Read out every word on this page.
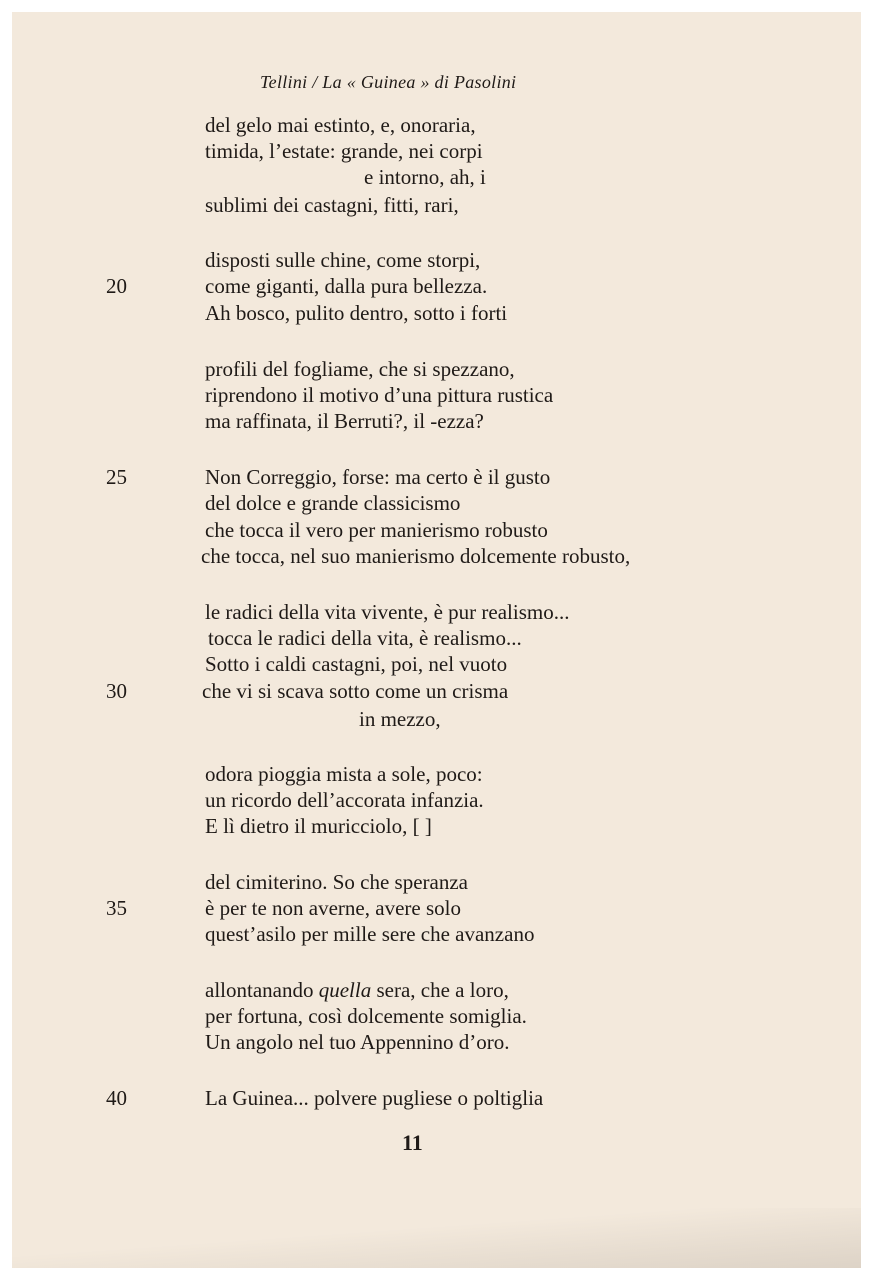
Tellini / La « Guinea » di Pasolini
del gelo mai estinto, e, onoraria,
timida, l’estate: grande, nei corpi
e intorno, ah, i
sublimi dei castagni, fitti, rari,
disposti sulle chine, come storpi,
20	come giganti, dalla pura bellezza.
Ah bosco, pulito dentro, sotto i forti
profili del fogliame, che si spezzano,
riprendono il motivo d’una pittura rustica
ma raffinata, il Berruti?, il -ezza?
25	Non Correggio, forse: ma certo è il gusto
del dolce e grande classicismo
che tocca il vero per manierismo robusto
che tocca, nel suo manierismo dolcemente robusto,
le radici della vita vivente, è pur realismo...
tocca le radici della vita, è realismo...
Sotto i caldi castagni, poi, nel vuoto
30	che vi si scava sotto come un crisma
in mezzo,
odora pioggia mista a sole, poco:
un ricordo dell’accorata infanzia.
E lì dietro il muricciolo, [ ]
del cimiterino. So che speranza
35	è per te non averne, avere solo
quest’asilo per mille sere che avanzano
allontanando quella sera, che a loro,
per fortuna, così dolcemente somiglia.
Un angolo nel tuo Appennino d’oro.
40	La Guinea... polvere pugliese o poltiglia
11
